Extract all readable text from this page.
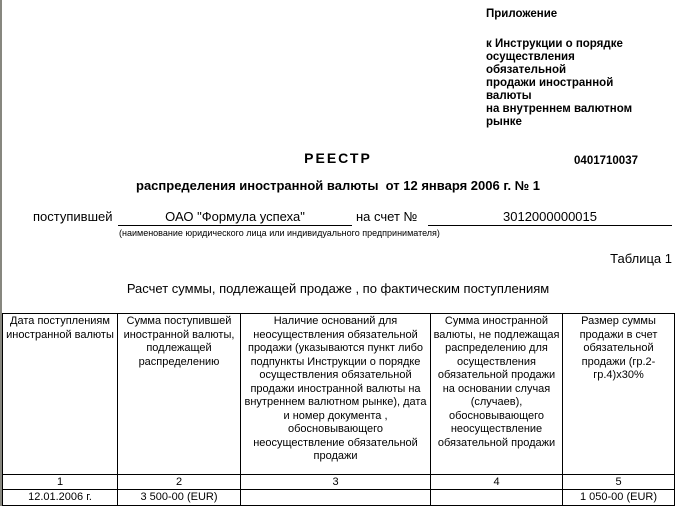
Приложение
к Инструкции о порядке
осуществления обязательной
продажи иностранной валюты
на внутреннем валютном рынке
0401710037
РЕЕСТР
распределения иностранной валюты  от 12 января 2006 г. № 1
поступившей	ОАО "Формула успеха"	на счет №	3012000000015
(наименование юридического лица или индивидуального предпринимателя)
Таблица 1
Расчет суммы, подлежащей продаже , по фактическим поступлениям
Дата поступлениям иностранной валюты	Сумма поступившей иностранной валюты, подлежащей распределению	Наличие оснований для неосуществления обязательной продажи (указываются пункт либо подпункты Инструкции о порядке осуществления обязательной продажи иностранной валюты на внутреннем валютном рынке), дата и номер документа , обосновывающего неосуществление обязательной продажи	Сумма иностранной валюты, не подлежащая распределению для осуществления обязательной продажи на основании случая (случаев), обосновывающего неосуществление обязательной продажи	Размер суммы продажи в счет обязательной продажи (гр.2-гр.4)х30%
1	2	3	4	5
12.01.2006 г.	3 500-00 (EUR)			1 050-00 (EUR)
